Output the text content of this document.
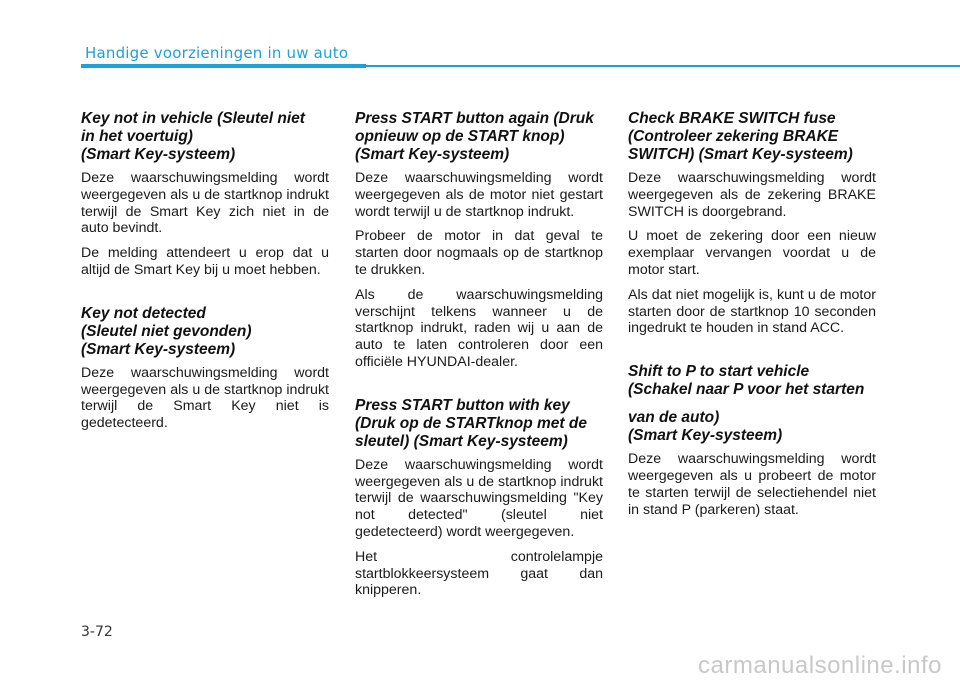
Handige voorzieningen in uw auto
Key not in vehicle (Sleutel niet
in het voertuig)
(Smart Key-systeem)

Deze waarschuwingsmelding wordt weergegeven als u de startknop indrukt terwijl de Smart Key zich niet in de auto bevindt.

De melding attendeert u erop dat u altijd de Smart Key bij u moet hebben.

Key not detected
(Sleutel niet gevonden)
(Smart Key-systeem)

Deze waarschuwingsmelding wordt weergegeven als u de startknop indrukt terwijl de Smart Key niet is gedetecteerd.

Press START button again (Druk
opnieuw op de START knop)
(Smart Key-systeem)

Deze waarschuwingsmelding wordt weergegeven als de motor niet gestart wordt terwijl u de startknop indrukt.

Probeer de motor in dat geval te starten door nogmaals op de startknop te drukken.

Als de waarschuwingsmelding verschijnt telkens wanneer u de startknop indrukt, raden wij u aan de auto te laten controleren door een officiële HYUNDAI-dealer.

Press START button with key
(Druk op de STARTknop met de
sleutel) (Smart Key-systeem)

Deze waarschuwingsmelding wordt weergegeven als u de startknop indrukt terwijl de waarschuwingsmelding "Key not detected" (sleutel niet gedetecteerd) wordt weergegeven.

Het controlelampje startblokkeersysteem gaat dan knipperen.

Check BRAKE SWITCH fuse
(Controleer zekering BRAKE
SWITCH) (Smart Key-systeem)

Deze waarschuwingsmelding wordt weergegeven als de zekering BRAKE SWITCH is doorgebrand.

U moet de zekering door een nieuw exemplaar vervangen voordat u de motor start.

Als dat niet mogelijk is, kunt u de motor starten door de startknop 10 seconden ingedrukt te houden in stand ACC.

Shift to P to start vehicle
(Schakel naar P voor het starten
van de auto)
(Smart Key-systeem)

Deze waarschuwingsmelding wordt weergegeven als u probeert de motor te starten terwijl de selectiehendel niet in stand P (parkeren) staat.

3-72
carmanualsonline.info
